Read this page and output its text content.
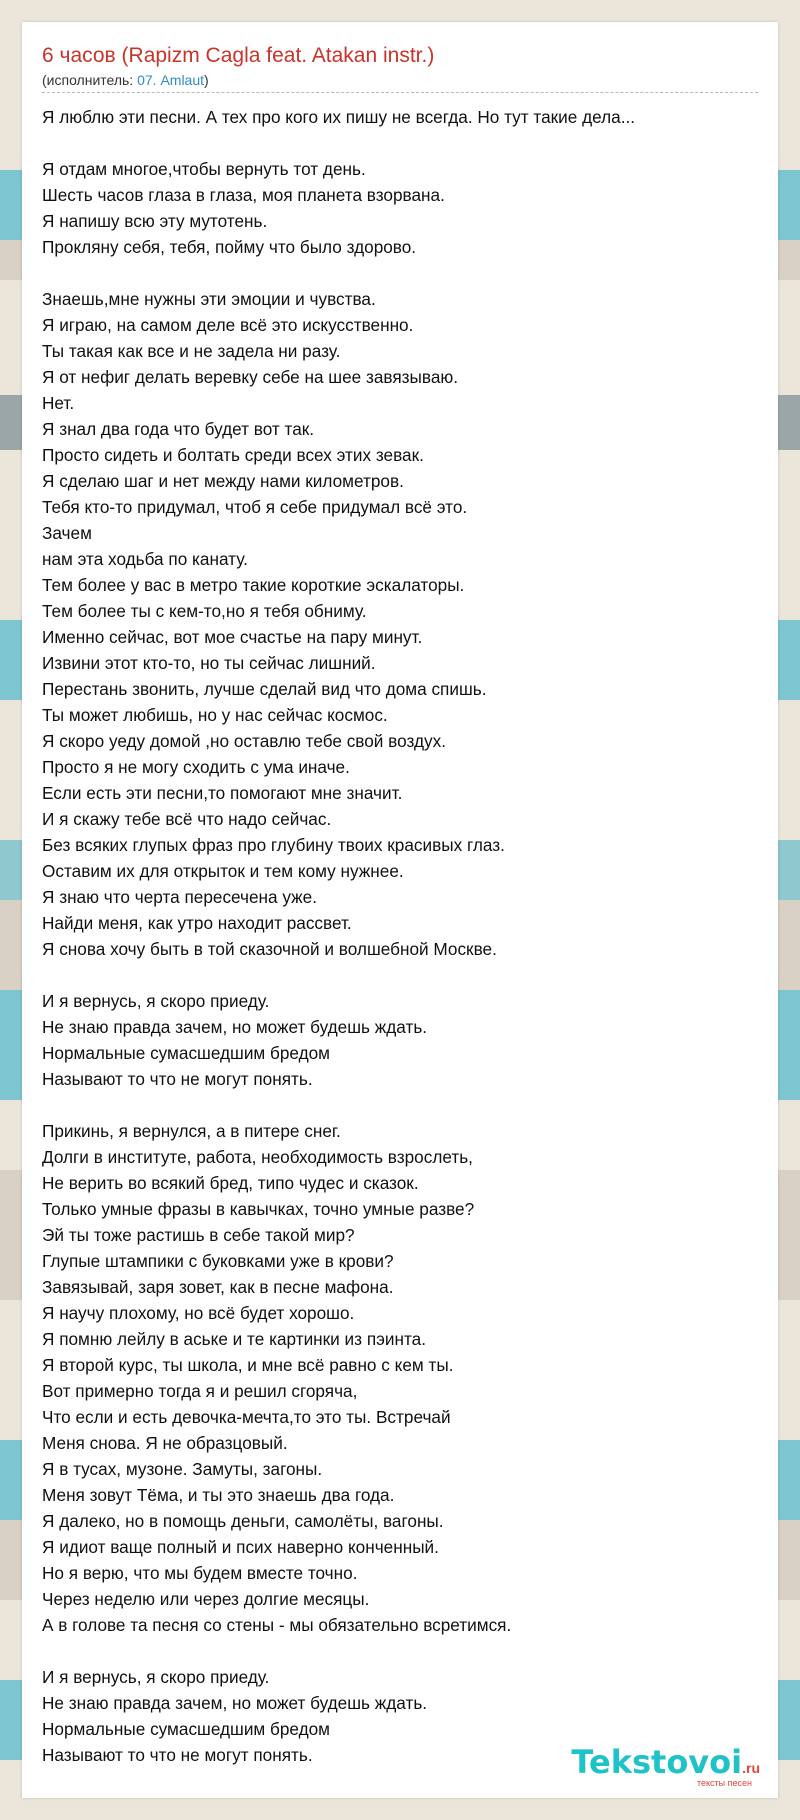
6 часов (Rapizm Cagla feat. Atakan instr.)
(исполнитель: 07. Amlaut)
Я люблю эти песни. А тех про кого их пишу не всегда. Но тут такие дела...
Я отдам многое,чтобы вернуть тот день.
Шесть часов глаза в глаза, моя планета взорвана.
Я напишу всю эту мутотень.
Прокляну себя, тебя, пойму что было здорово.
Знаешь,мне нужны эти эмоции и чувства.
Я играю, на самом деле всё это искусственно.
Ты такая как все и не задела ни разу.
Я от нефиг делать веревку себе на шее завязываю.
Нет.
Я знал два года что будет вот так.
Просто сидеть и болтать среди всех этих зевак.
Я сделаю шаг и нет между нами километров.
Тебя кто-то придумал, чтоб я себе придумал всё это.
Зачем
нам эта ходьба по канату.
Тем более у вас в метро такие короткие эскалаторы.
Тем более ты с кем-то,но я тебя обниму.
Именно сейчас, вот мое счастье на пару минут.
Извини этот кто-то, но ты сейчас лишний.
Перестань звонить, лучше сделай вид что дома спишь.
Ты может любишь, но у нас сейчас космос.
Я скоро уеду домой ,но оставлю тебе свой воздух.
Просто я не могу сходить с ума иначе.
Если есть эти песни,то помогают мне значит.
И я скажу тебе всё что надо сейчас.
Без всяких глупых фраз про глубину твоих красивых глаз.
Оставим их для открыток и тем кому нужнее.
Я знаю что черта пересечена уже.
Найди меня, как утро находит рассвет.
Я снова хочу быть в той сказочной и волшебной Москве.
И я вернусь, я скоро приеду.
Не знаю правда зачем, но может будешь ждать.
Нормальные сумасшедшим бредом
Называют то что не могут понять.
Прикинь, я вернулся, а в питере снег.
Долги в институте, работа, необходимость взрослеть,
Не верить во всякий бред, типо чудес и сказок.
Только умные фразы в кавычках, точно умные разве?
Эй ты тоже растишь в себе такой мир?
Глупые штампики с буковками уже в крови?
Завязывай, заря зовет, как в песне мафона.
Я научу плохому, но всё будет хорошо.
Я помню лейлу в аське и те картинки из пэинта.
Я второй курс, ты школа, и мне всё равно с кем ты.
Вот примерно тогда я и решил сгоряча,
Что если и есть девочка-мечта,то это ты. Встречай
Меня снова. Я не образцовый.
Я в тусах, музоне. Замуты, загоны.
Меня зовут Тёма, и ты это знаешь два года.
Я далеко, но в помощь деньги, самолёты, вагоны.
Я идиот ваще полный и псих наверно конченный.
Но я верю, что мы будем вместе точно.
Через неделю или через долгие месяцы.
А в голове та песня со стены - мы обязательно всретимся.
И я вернусь, я скоро приеду.
Не знаю правда зачем, но может будешь ждать.
Нормальные сумасшедшим бредом
Называют то что не могут понять.	Tekstovoi.ru
тексты песен
